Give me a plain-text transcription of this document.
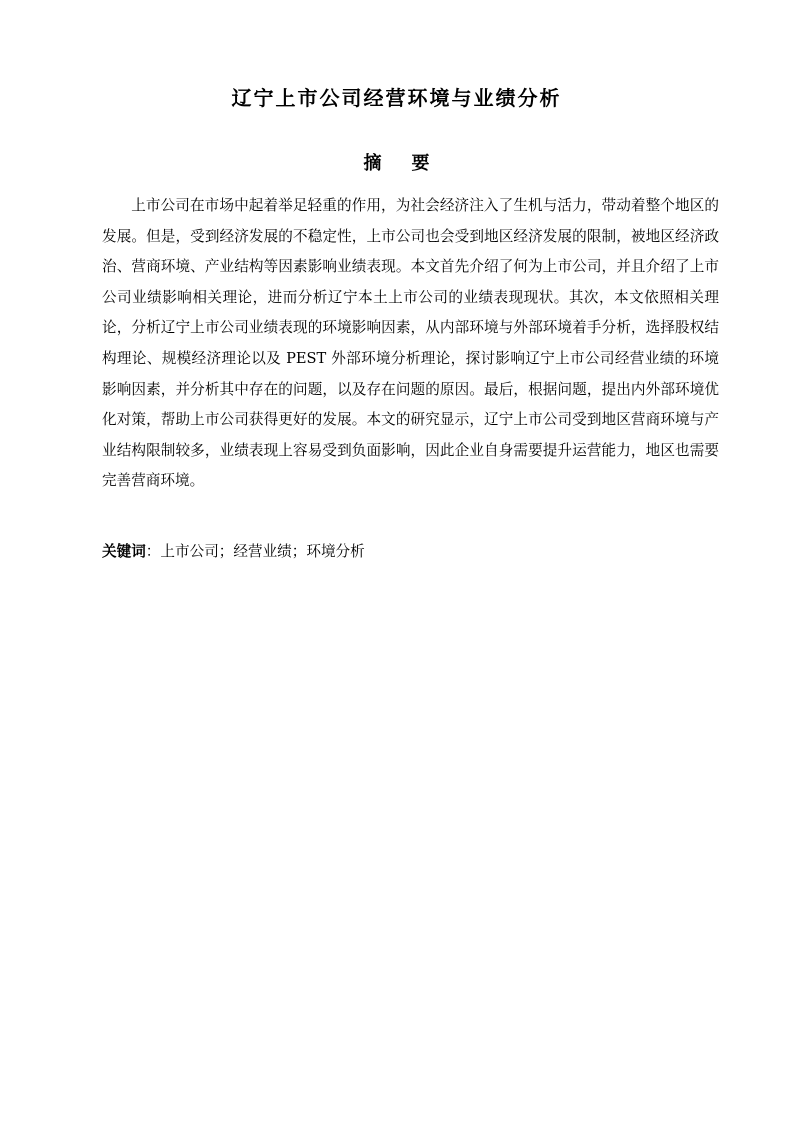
辽宁上市公司经营环境与业绩分析
摘 要

上市公司在市场中起着举足轻重的作用，为社会经济注入了生机与活力，带动着整个地区的发展。但是，受到经济发展的不稳定性，上市公司也会受到地区经济发展的限制，被地区经济政治、营商环境、产业结构等因素影响业绩表现。本文首先介绍了何为上市公司，并且介绍了上市公司业绩影响相关理论，进而分析辽宁本土上市公司的业绩表现现状。其次，本文依照相关理论，分析辽宁上市公司业绩表现的环境影响因素，从内部环境与外部环境着手分析，选择股权结构理论、规模经济理论以及 PEST 外部环境分析理论，探讨影响辽宁上市公司经营业绩的环境影响因素，并分析其中存在的问题，以及存在问题的原因。最后，根据问题，提出内外部环境优化对策，帮助上市公司获得更好的发展。本文的研究显示，辽宁上市公司受到地区营商环境与产业结构限制较多，业绩表现上容易受到负面影响，因此企业自身需要提升运营能力，地区也需要完善营商环境。

关键词：上市公司；经营业绩；环境分析
